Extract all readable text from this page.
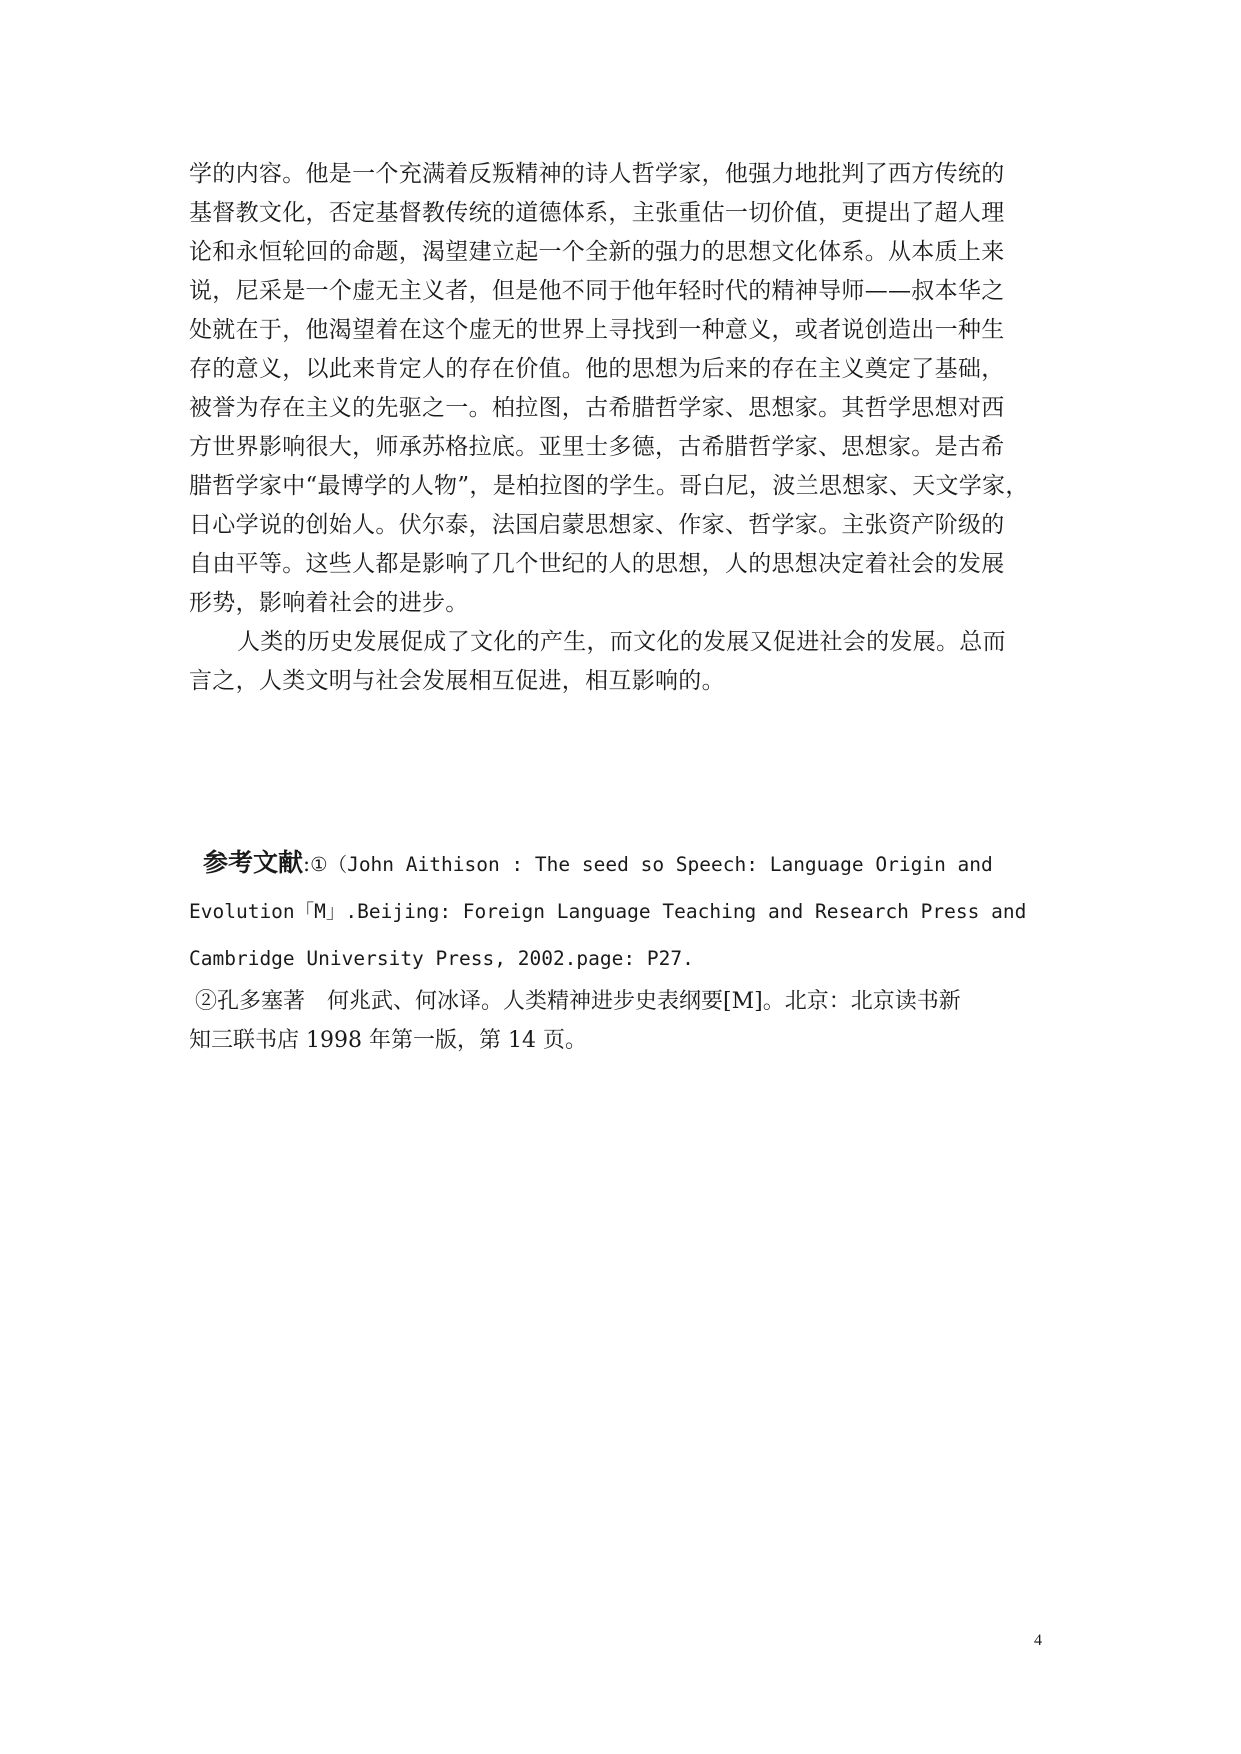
学的内容。他是一个充满着反叛精神的诗人哲学家，他强力地批判了西方传统的
基督教文化，否定基督教传统的道德体系，主张重估一切价值，更提出了超人理
论和永恒轮回的命题，渴望建立起一个全新的强力的思想文化体系。从本质上来
说，尼采是一个虚无主义者，但是他不同于他年轻时代的精神导师——叔本华之
处就在于，他渴望着在这个虚无的世界上寻找到一种意义，或者说创造出一种生
存的意义，以此来肯定人的存在价值。他的思想为后来的存在主义奠定了基础，
被誉为存在主义的先驱之一。柏拉图，古希腊哲学家、思想家。其哲学思想对西
方世界影响很大，师承苏格拉底。亚里士多德，古希腊哲学家、思想家。是古希
腊哲学家中“最博学的人物”，是柏拉图的学生。哥白尼，波兰思想家、天文学家，
日心学说的创始人。伏尔泰，法国启蒙思想家、作家、哲学家。主张资产阶级的
自由平等。这些人都是影响了几个世纪的人的思想，人的思想决定着社会的发展
形势，影响着社会的进步。
人类的历史发展促成了文化的产生，而文化的发展又促进社会的发展。总而
言之，人类文明与社会发展相互促进，相互影响的。
参考文献:①（John Aithison : The seed so Speech: Language Origin and
Evolution「M」.Beijing: Foreign Language Teaching and Research Press and
Cambridge University Press, 2002.page: P27.
②孔多塞著　何兆武、何冰译。人类精神进步史表纲要[M]。北京：北京读书新
知三联书店 1998 年第一版，第 14 页。
4
